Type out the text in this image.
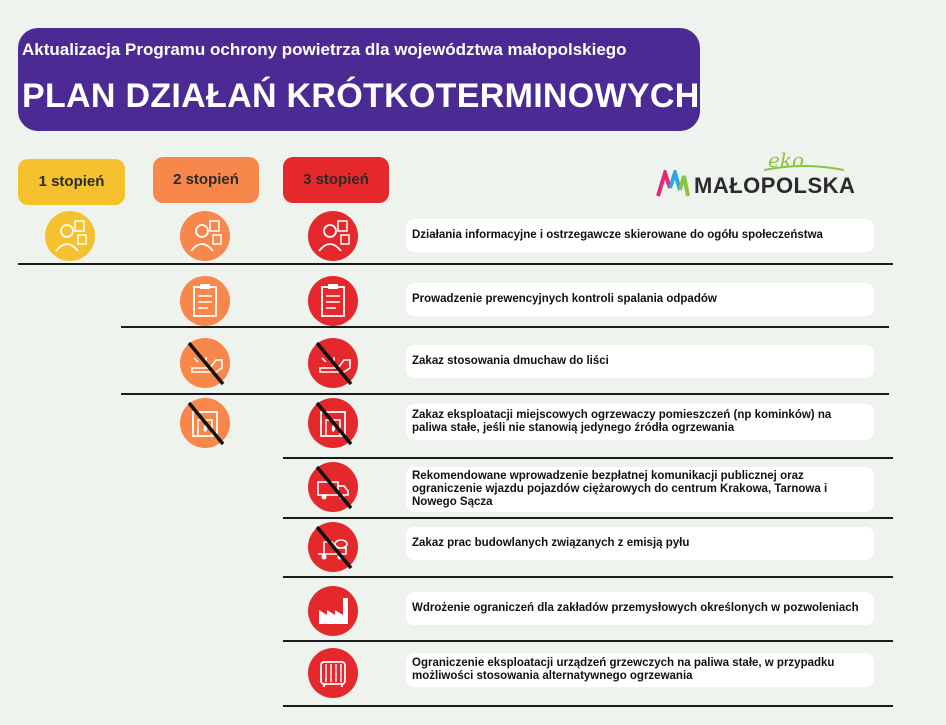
Aktualizacja Programu ochrony powietrza dla województwa małopolskiego
PLAN DZIAŁAŃ KRÓTKOTERMINOWYCH
1 stopień	2 stopień	3 stopień
eko
MAŁOPOLSKA
Działania informacyjne i ostrzegawcze skierowane do ogółu społeczeństwa
Prowadzenie prewencyjnych kontroli spalania odpadów
Zakaz stosowania dmuchaw do liści
Zakaz eksploatacji miejscowych ogrzewaczy pomieszczeń (np kominków) na paliwa stałe, jeśli nie stanowią jedynego źródła ogrzewania
Rekomendowane wprowadzenie bezpłatnej komunikacji publicznej oraz ograniczenie wjazdu pojazdów ciężarowych do centrum Krakowa, Tarnowa i Nowego Sącza
Zakaz prac budowlanych związanych z emisją pyłu
Wdrożenie ograniczeń dla zakładów przemysłowych określonych w pozwoleniach
Ograniczenie eksploatacji urządzeń grzewczych na paliwa stałe, w przypadku możliwości stosowania alternatywnego ogrzewania
